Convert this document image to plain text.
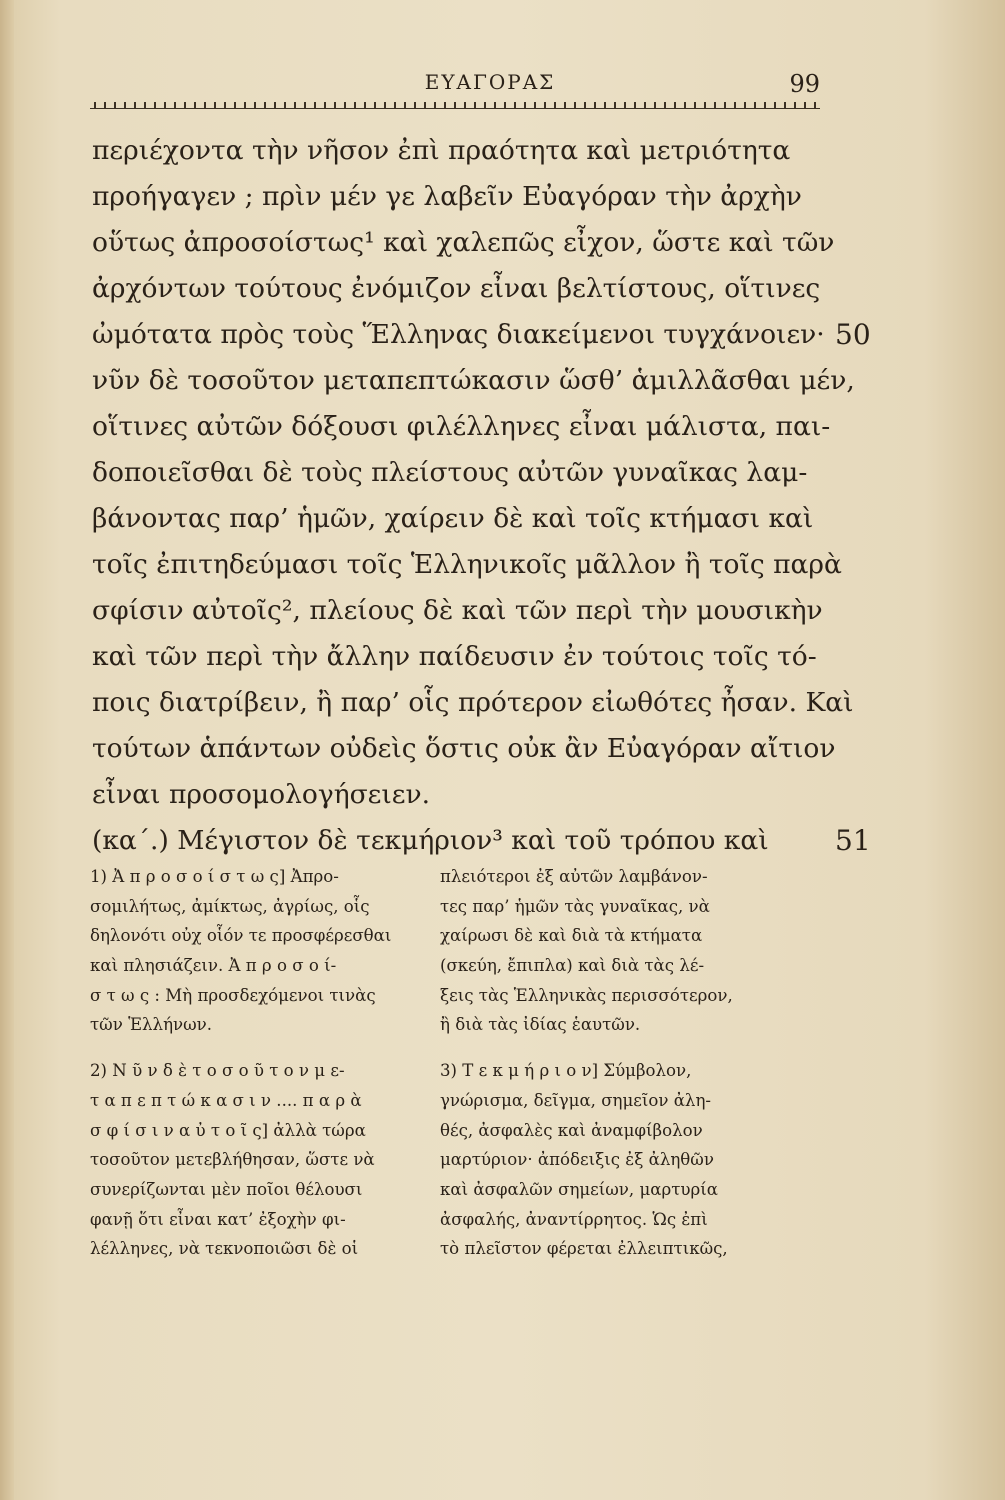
ΕΥΑΓΟΡΑΣ	99
περιέχοντα τὴν νῆσον ἐπὶ πραότητα καὶ μετριότητα
προήγαγεν ; πρὶν μέν γε λαβεῖν Εὐαγόραν τὴν ἀρχὴν
οὕτως ἀπροσοίστως¹ καὶ χαλεπῶς εἶχον, ὥστε καὶ τῶν
ἀρχόντων τούτους ἐνόμιζον εἶναι βελτίστους, οἵτινες
ὠμότατα πρὸς τοὺς Ἕλληνας διακείμενοι τυγχάνοιεν· 50
νῦν δὲ τοσοῦτον μεταπεπτώκασιν ὥσθ’ ἁμιλλᾶσθαι μέν,
οἵτινες αὐτῶν δόξουσι φιλέλληνες εἶναι μάλιστα, παι-
δοποιεῖσθαι δὲ τοὺς πλείστους αὐτῶν γυναῖκας λαμ-
βάνοντας παρ’ ἡμῶν, χαίρειν δὲ καὶ τοῖς κτήμασι καὶ
τοῖς ἐπιτηδεύμασι τοῖς Ἑλληνικοῖς μᾶλλον ἢ τοῖς παρὰ
σφίσιν αὐτοῖς², πλείους δὲ καὶ τῶν περὶ τὴν μουσικὴν
καὶ τῶν περὶ τὴν ἄλλην παίδευσιν ἐν τούτοις τοῖς τό-
ποις διατρίβειν, ἢ παρ’ οἷς πρότερον εἰωθότες ἦσαν. Καὶ
τούτων ἁπάντων οὐδεὶς ὅστις οὐκ ἂν Εὐαγόραν αἴτιον
εἶναι προσομολογήσειεν.
(κα΄.) Μέγιστον δὲ τεκμήριον³ καὶ τοῦ τρόπου καὶ 51
1) Ἀ π ρ ο σ ο ί σ τ ω ς] Ἀπρο-
σομιλήτως, ἀμίκτως, ἀγρίως, οἷς
δηλονότι οὐχ οἷόν τε προσφέρεσθαι
καὶ πλησιάζειν. Ἀ π ρ ο σ ο ί-
σ τ ω ς : Μὴ προσδεχόμενοι τινὰς
τῶν Ἑλλήνων.
2) Ν ῦ ν δ ὲ τ ο σ ο ῦ τ ο ν μ ε-
τ α π ε π τ ώ κ α σ ι ν .... π α ρ ὰ
σ φ ί σ ι ν α ὐ τ ο ῖ ς] ἀλλὰ τώρα
τοσοῦτον μετεβλήθησαν, ὥστε νὰ
συνερίζωνται μὲν ποῖοι θέλουσι
φανῇ ὅτι εἶναι κατ’ ἐξοχὴν φι-
λέλληνες, νὰ τεκνοποιῶσι δὲ οἱ
πλειότεροι ἐξ αὐτῶν λαμβάνον-
τες παρ’ ἡμῶν τὰς γυναῖκας, νὰ
χαίρωσι δὲ καὶ διὰ τὰ κτήματα
(σκεύη, ἔπιπλα) καὶ διὰ τὰς λέ-
ξεις τὰς Ἑλληνικὰς περισσότερον,
ἢ διὰ τὰς ἰδίας ἑαυτῶν.
3) Τ ε κ μ ή ρ ι ο ν] Σύμβολον,
γνώρισμα, δεῖγμα, σημεῖον ἀλη-
θές, ἀσφαλὲς καὶ ἀναμφίβολον
μαρτύριον· ἀπόδειξις ἐξ ἀληθῶν
καὶ ἀσφαλῶν σημείων, μαρτυρία
ἀσφαλής, ἀναντίρρητος. Ὡς ἐπὶ
τὸ πλεῖστον φέρεται ἐλλειπτικῶς,
